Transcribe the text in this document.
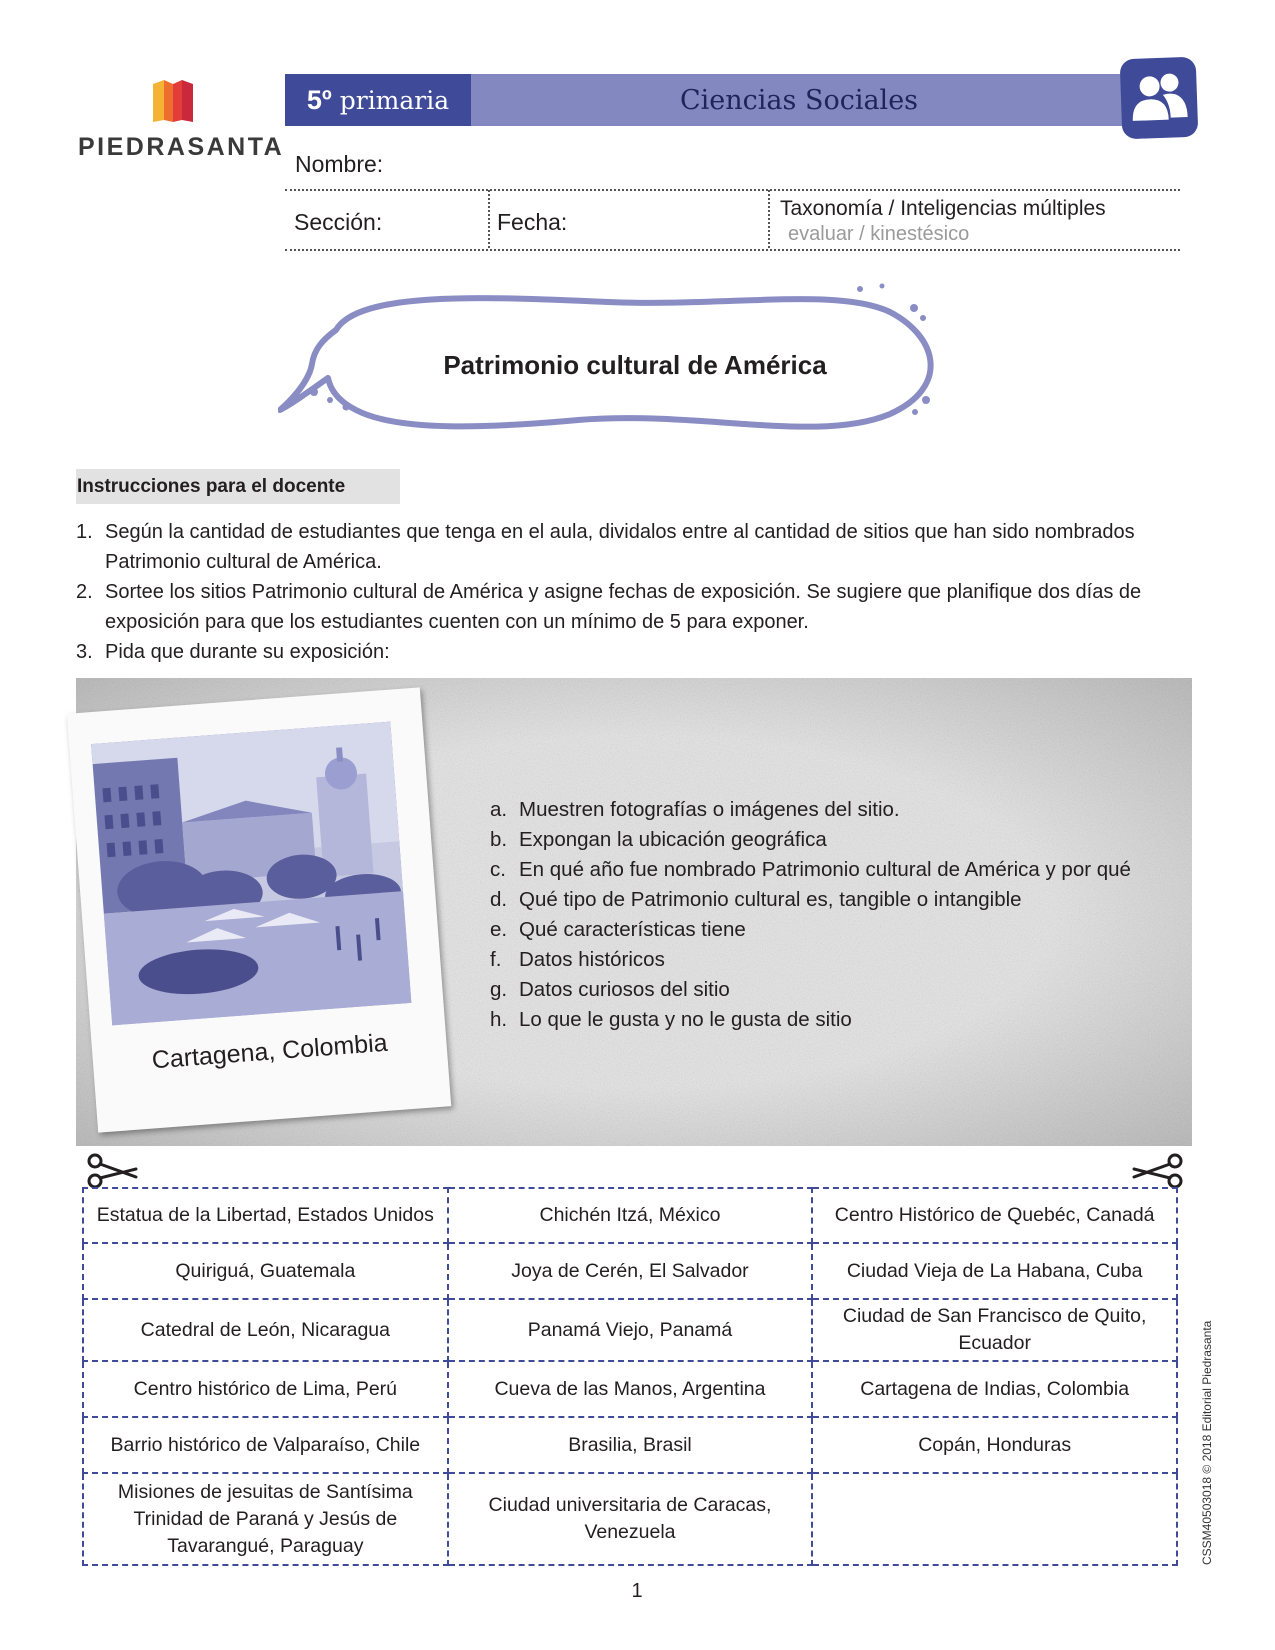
PIEDRASANTA
5º primaria	Ciencias Sociales
Nombre:
Sección:	Fecha:
Taxonomía / Inteligencias múltiples
evaluar / kinestésico
Patrimonio cultural de América
Instrucciones para el docente
1. Según la cantidad de estudiantes que tenga en el aula, dividalos entre al cantidad de sitios que han sido nombrados Patrimonio cultural de América.
2. Sortee los sitios Patrimonio cultural de América y asigne fechas de exposición. Se sugiere que planifique dos días de exposición para que los estudiantes cuenten con un mínimo de 5 para exponer.
3. Pida que durante su exposición:
Cartagena, Colombia
a. Muestren fotografías o imágenes del sitio.
b. Expongan la ubicación geográfica
c. En qué año fue nombrado Patrimonio cultural de América y por qué
d. Qué tipo de Patrimonio cultural es, tangible o intangible
e. Qué características tiene
f. Datos históricos
g. Datos curiosos del sitio
h. Lo que le gusta y no le gusta de sitio
Estatua de la Libertad, Estados Unidos	Chichén Itzá, México	Centro Histórico de Quebéc, Canadá
Quiriguá, Guatemala	Joya de Cerén, El Salvador	Ciudad Vieja de La Habana, Cuba
Catedral de León, Nicaragua	Panamá Viejo, Panamá	Ciudad de San Francisco de Quito, Ecuador
Centro histórico de Lima, Perú	Cueva de las Manos, Argentina	Cartagena de Indias, Colombia
Barrio histórico de Valparaíso, Chile	Brasilia, Brasil	Copán, Honduras
Misiones de jesuitas de Santísima Trinidad de Paraná y Jesús de Tavarangué, Paraguay	Ciudad universitaria de Caracas, Venezuela		CSSM40503018 © 2018 Editorial Piedrasanta
1
